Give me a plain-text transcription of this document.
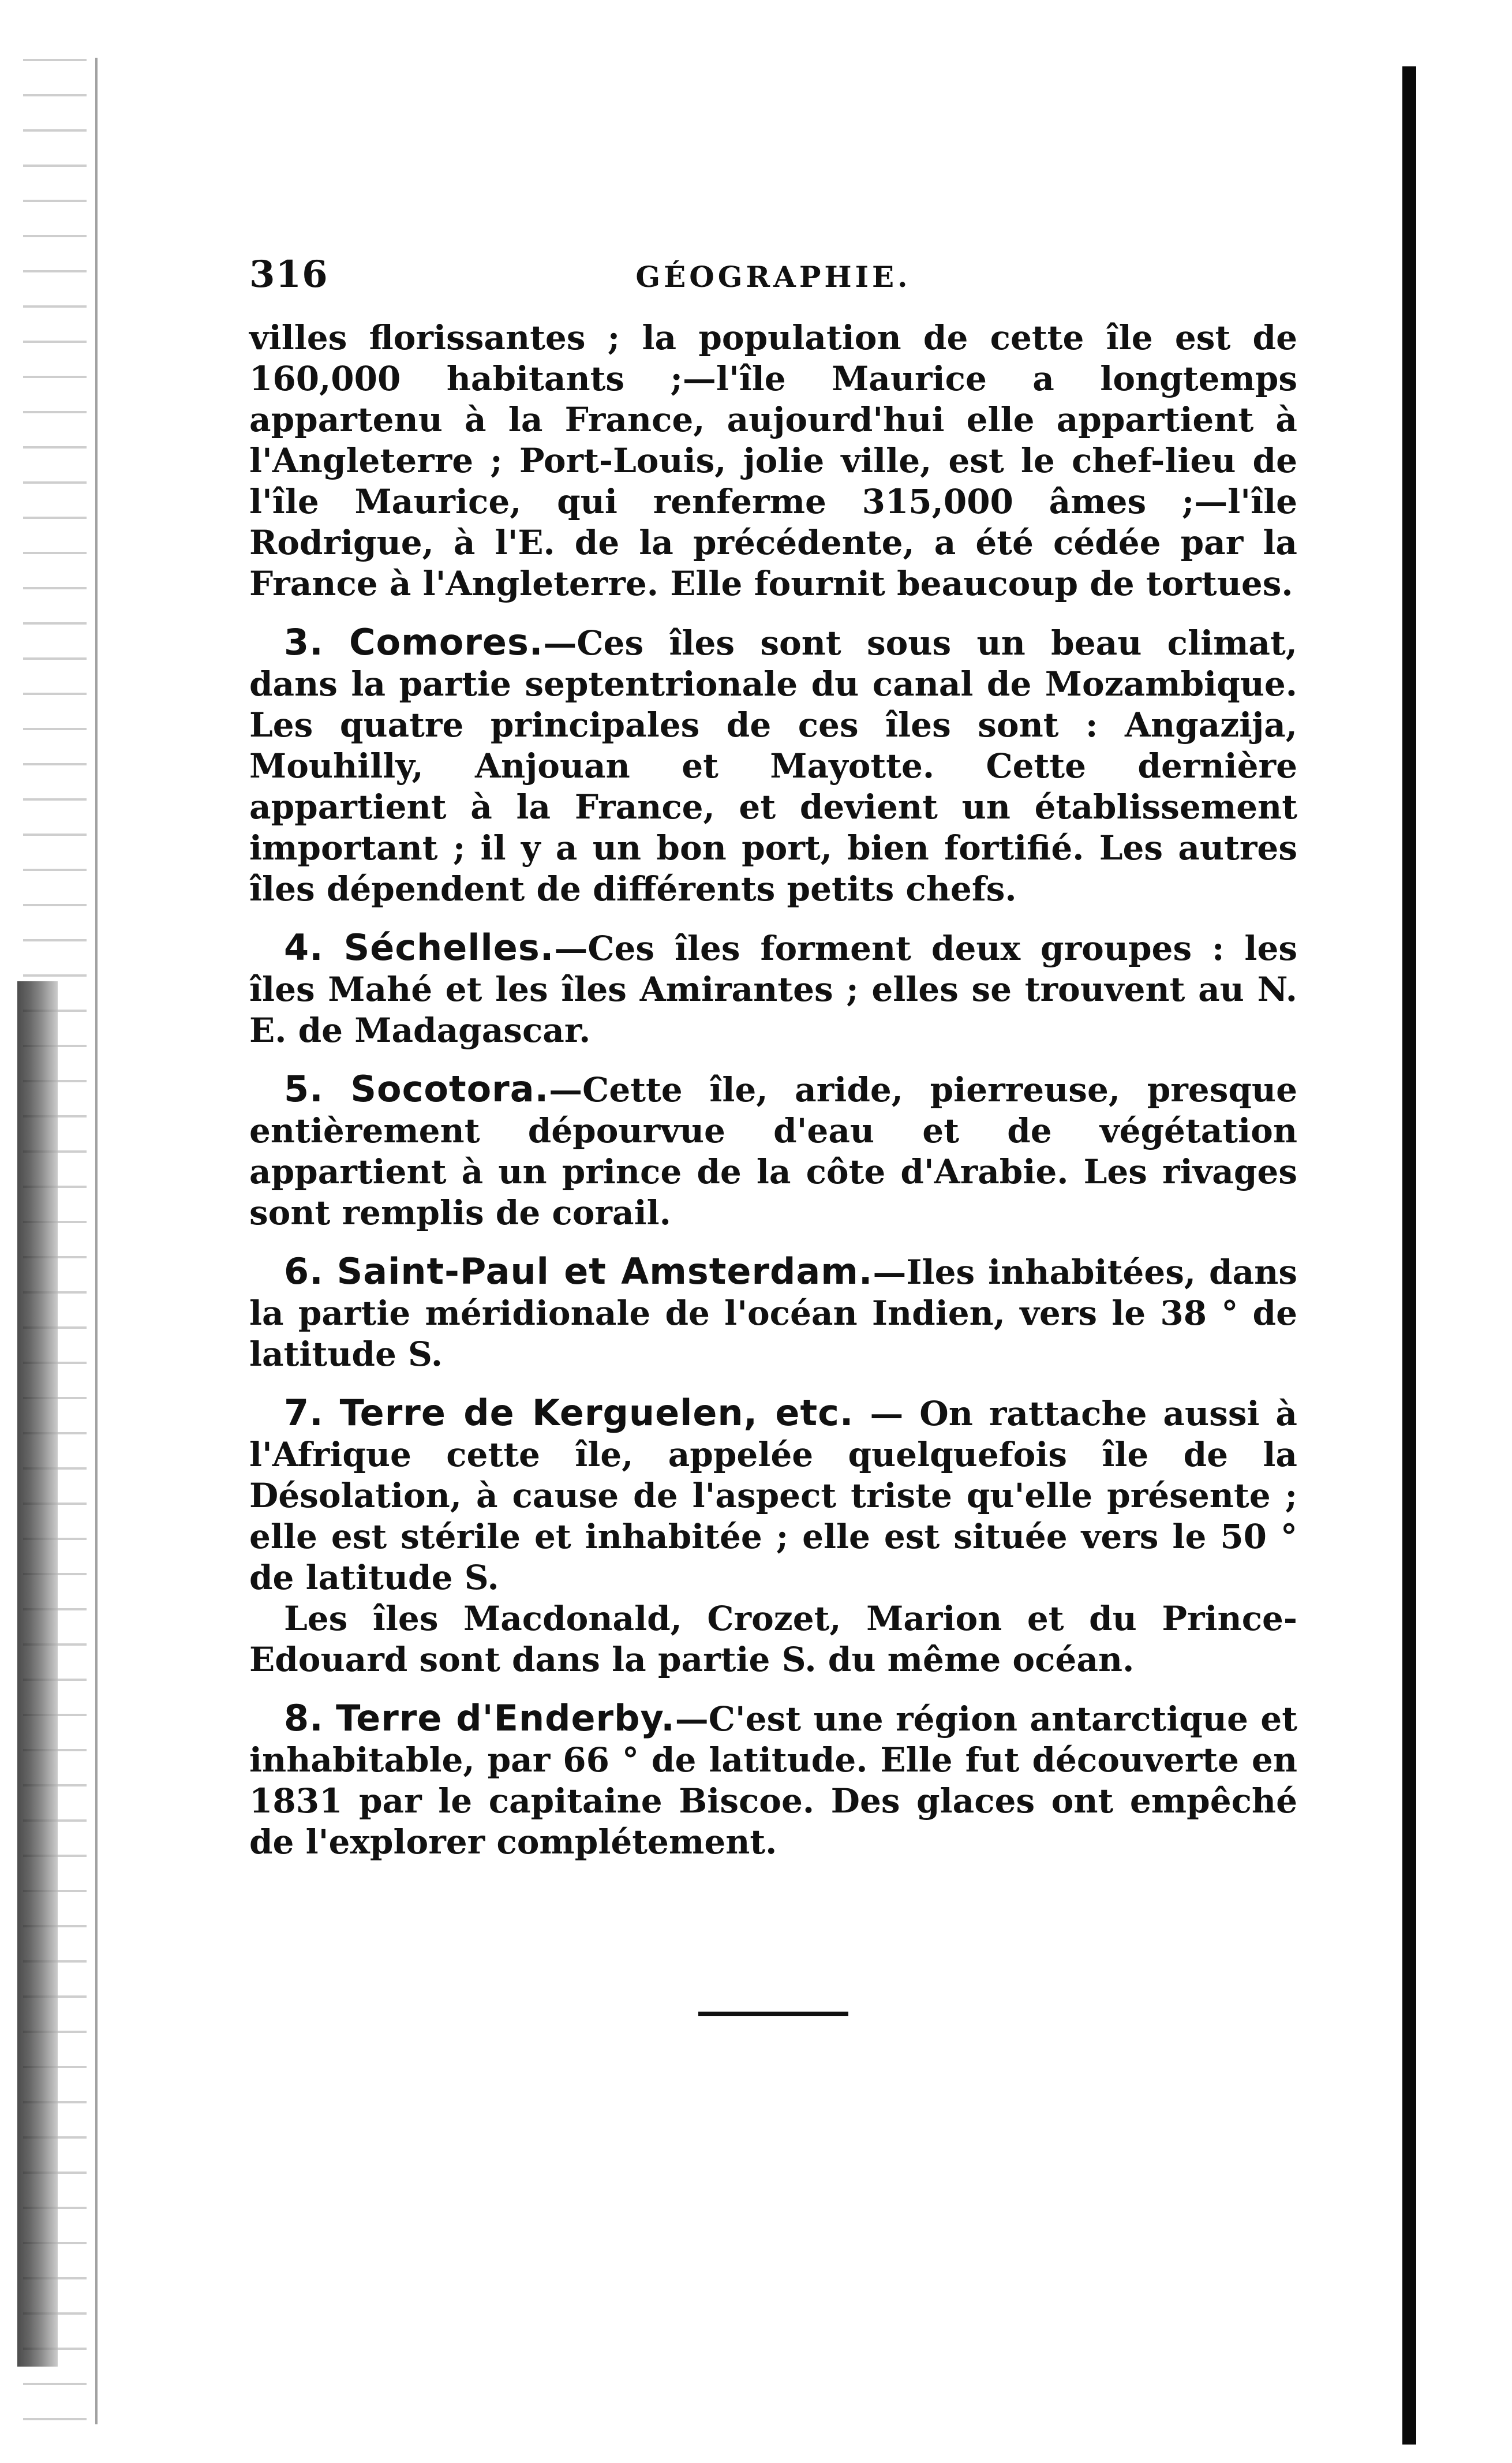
316	GÉOGRAPHIE.

villes florissantes ; la population de cette île est de 160,000 habitants ;—l'île Maurice a longtemps appartenu à la France, aujourd'hui elle appartient à l'Angleterre ; Port-Louis, jolie ville, est le chef-lieu de l'île Maurice, qui renferme 315,000 âmes ;—l'île Rodrigue, à l'E. de la précédente, a été cédée par la France à l'Angleterre. Elle fournit beaucoup de tortues.

3. Comores.—Ces îles sont sous un beau climat, dans la partie septentrionale du canal de Mozambique. Les quatre principales de ces îles sont : Angazija, Mouhilly, Anjouan et Mayotte. Cette dernière appartient à la France, et devient un établissement important ; il y a un bon port, bien fortifié. Les autres îles dépendent de différents petits chefs.

4. Séchelles.—Ces îles forment deux groupes : les îles Mahé et les îles Amirantes ; elles se trouvent au N. E. de Madagascar.

5. Socotora.—Cette île, aride, pierreuse, presque entièrement dépourvue d'eau et de végétation appartient à un prince de la côte d'Arabie. Les rivages sont remplis de corail.

6. Saint-Paul et Amsterdam.—Iles inhabitées, dans la partie méridionale de l'océan Indien, vers le 38 ° de latitude S.

7. Terre de Kerguelen, etc. — On rattache aussi à l'Afrique cette île, appelée quelquefois île de la Désolation, à cause de l'aspect triste qu'elle présente ; elle est stérile et inhabitée ; elle est située vers le 50 ° de latitude S.

Les îles Macdonald, Crozet, Marion et du Prince-Edouard sont dans la partie S. du même océan.

8. Terre d'Enderby.—C'est une région antarctique et inhabitable, par 66 ° de latitude. Elle fut découverte en 1831 par le capitaine Biscoe. Des glaces ont empêché de l'explorer complétement.
